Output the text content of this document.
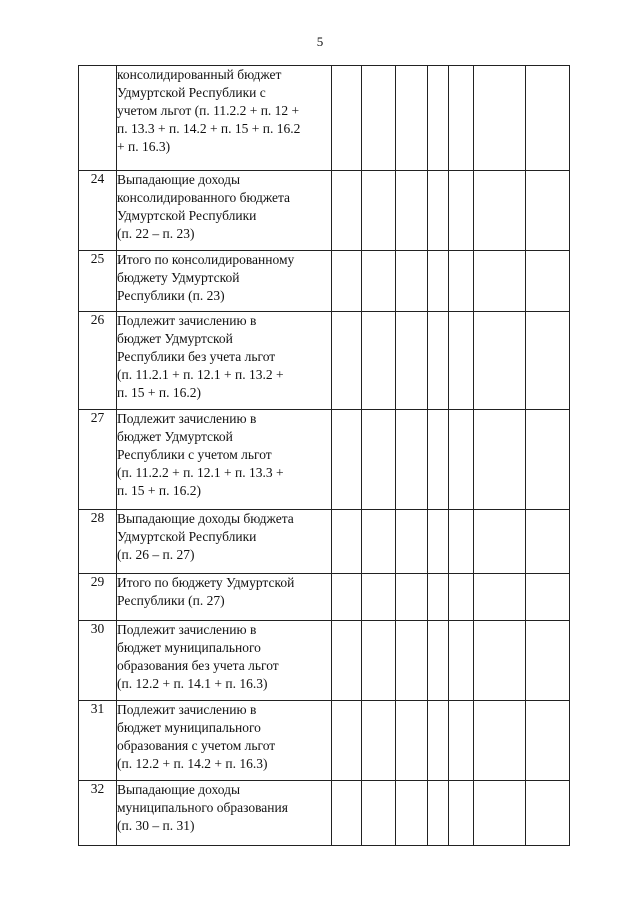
5

	консолидированный бюджет
Удмуртской Республики с
учетом льгот (п. 11.2.2 + п. 12 +
п. 13.3 + п. 14.2 + п. 15 + п. 16.2
+ п. 16.3)							

24	Выпадающие доходы
консолидированного бюджета
Удмуртской Республики
(п. 22 – п. 23)							

25	Итого по консолидированному
бюджету Удмуртской
Республики (п. 23)							

26	Подлежит зачислению в
бюджет Удмуртской
Республики без учета льгот
(п. 11.2.1 + п. 12.1 + п. 13.2 +
п. 15 + п. 16.2)							

27	Подлежит зачислению в
бюджет Удмуртской
Республики с учетом льгот
(п. 11.2.2 + п. 12.1 + п. 13.3 +
п. 15 + п. 16.2)							

28	Выпадающие доходы бюджета
Удмуртской Республики
(п. 26 – п. 27)							

29	Итого по бюджету Удмуртской
Республики (п. 27)							

30	Подлежит зачислению в
бюджет муниципального
образования без учета льгот
(п. 12.2 + п. 14.1 + п. 16.3)							

31	Подлежит зачислению в
бюджет муниципального
образования с учетом льгот
(п. 12.2 + п. 14.2 + п. 16.3)							

32	Выпадающие доходы
муниципального образования
(п. 30 – п. 31)							
